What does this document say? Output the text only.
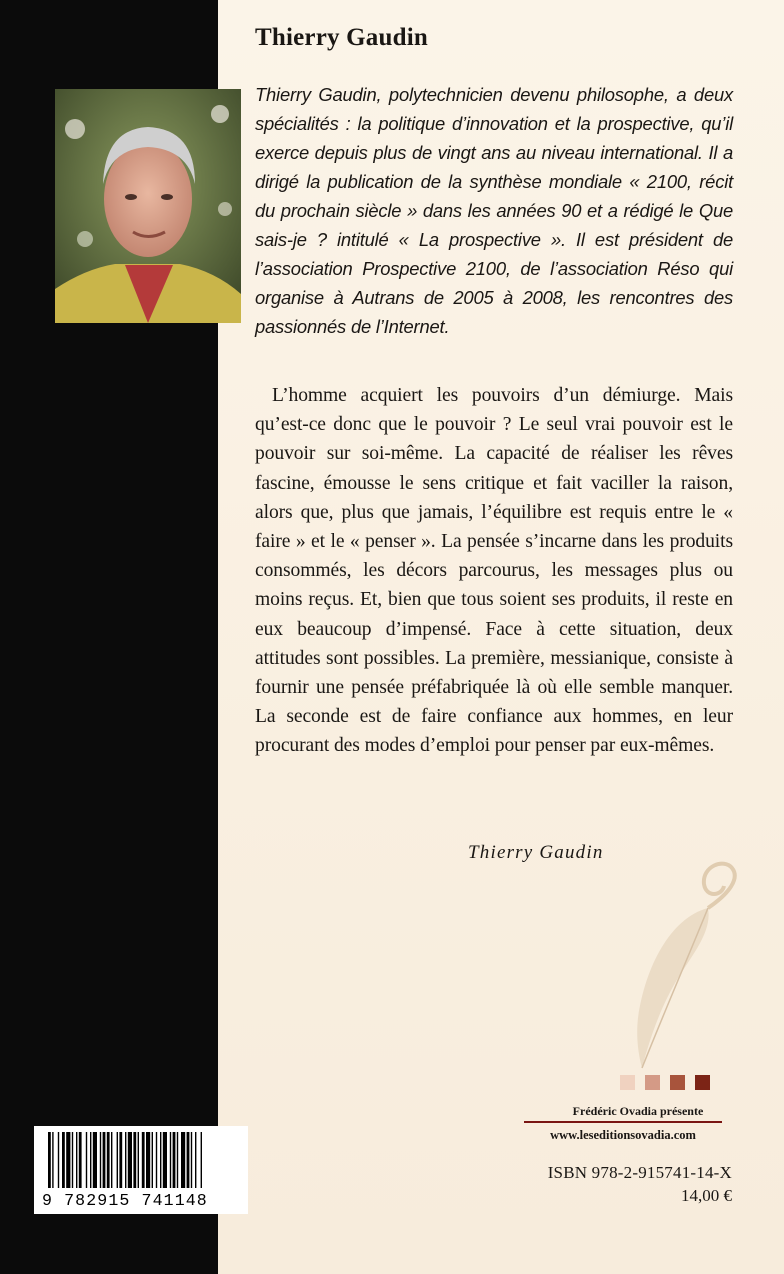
Thierry Gaudin
Thierry Gaudin, polytechnicien devenu philosophe, a deux spécialités : la politique d’innovation et la prospective, qu’il exerce depuis plus de vingt ans au niveau international. Il a dirigé la publication de la synthèse mondiale « 2100, récit du prochain siècle » dans les années 90 et a rédigé le Que sais-je ? intitulé « La prospective ». Il est président de l’association Prospective 2100, de l’association Réso qui organise à Autrans de 2005 à 2008, les rencontres des passionnés de l’Internet.
L’homme acquiert les pouvoirs d’un démiurge. Mais qu’est-ce donc que le pouvoir ? Le seul vrai pouvoir est le pouvoir sur soi-même. La capacité de réaliser les rêves fascine, émousse le sens critique et fait vaciller la raison, alors que, plus que jamais, l’équilibre est requis entre le « faire » et le « penser ». La pensée s’incarne dans les produits consommés, les décors parcourus, les messages plus ou moins reçus. Et, bien que tous soient ses produits, il reste en eux beaucoup d’impensé. Face à cette situation, deux attitudes sont possibles. La première, messianique, consiste à fournir une pensée préfabriquée là où elle semble manquer. La seconde est de faire confiance aux hommes, en leur procurant des modes d’emploi pour penser par eux-mêmes.
Thierry Gaudin
Frédéric Ovadia présente
www.leseditionsovadia.com
ISBN 978-2-915741-14-X
14,00 €
9 782915 741148
